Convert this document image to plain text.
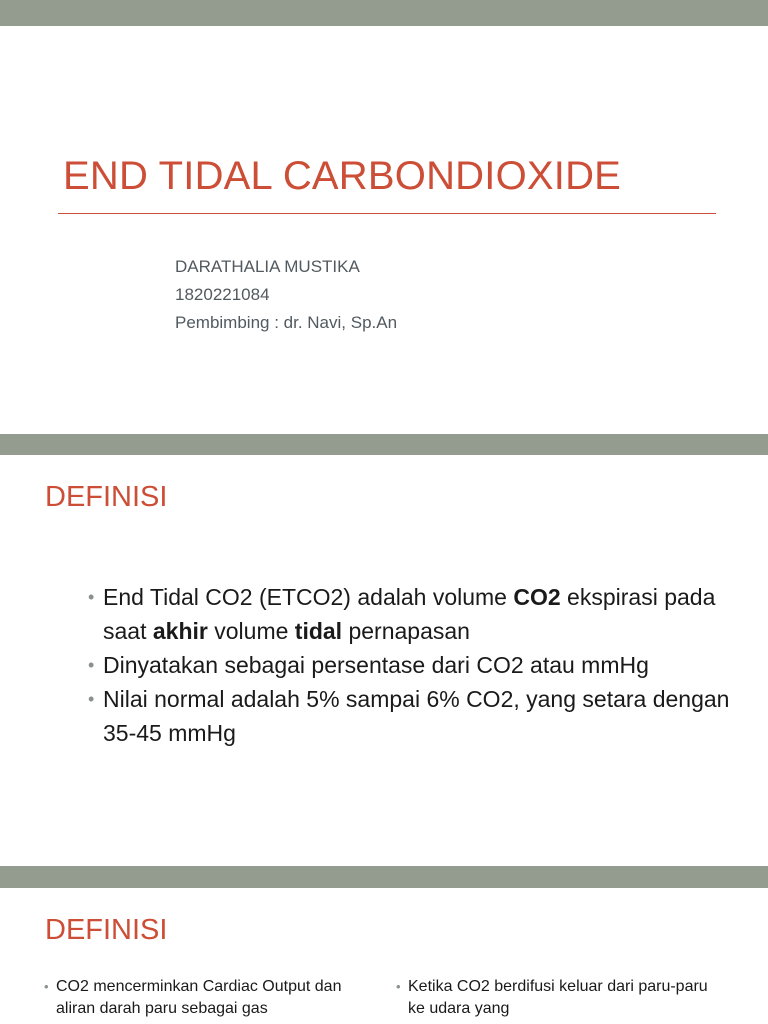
END TIDAL CARBONDIOXIDE
DARATHALIA MUSTIKA
1820221084
Pembimbing : dr. Navi, Sp.An
DEFINISI
• End Tidal CO2 (ETCO2) adalah volume CO2 ekspirasi pada saat akhir volume tidal pernapasan
• Dinyatakan sebagai persentase dari CO2 atau mmHg
• Nilai normal adalah 5% sampai 6% CO2, yang setara dengan 35-45 mmHg
DEFINISI
• CO2 mencerminkan Cardiac Output dan aliran darah paru sebagai gas
• Ketika CO2 berdifusi keluar dari paru-paru ke udara yang
